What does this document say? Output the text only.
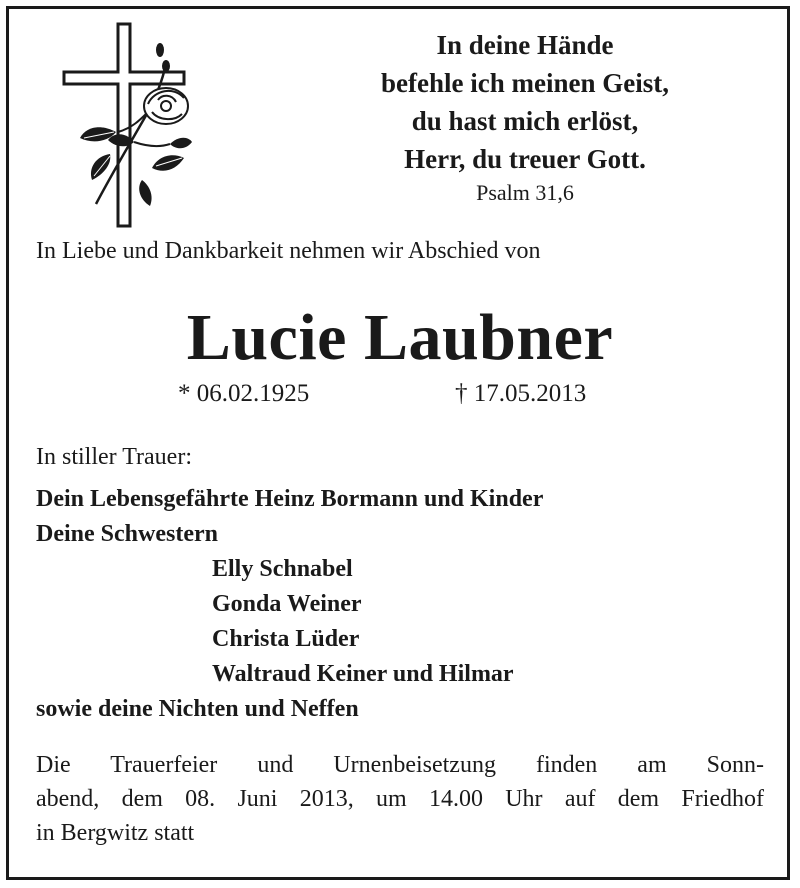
In deine Hände
befehle ich meinen Geist,
du hast mich erlöst,
Herr, du treuer Gott.
Psalm 31,6
In Liebe und Dankbarkeit nehmen wir Abschied von
Lucie Laubner
* 06.02.1925	† 17.05.2013
In stiller Trauer:
Dein Lebensgefährte Heinz Bormann und Kinder
Deine Schwestern
Elly Schnabel
Gonda Weiner
Christa Lüder
Waltraud Keiner und Hilmar
sowie deine Nichten und Neffen
Die Trauerfeier und Urnenbeisetzung finden am Sonn-
abend, dem 08. Juni 2013, um 14.00 Uhr auf dem Friedhof
in Bergwitz statt
